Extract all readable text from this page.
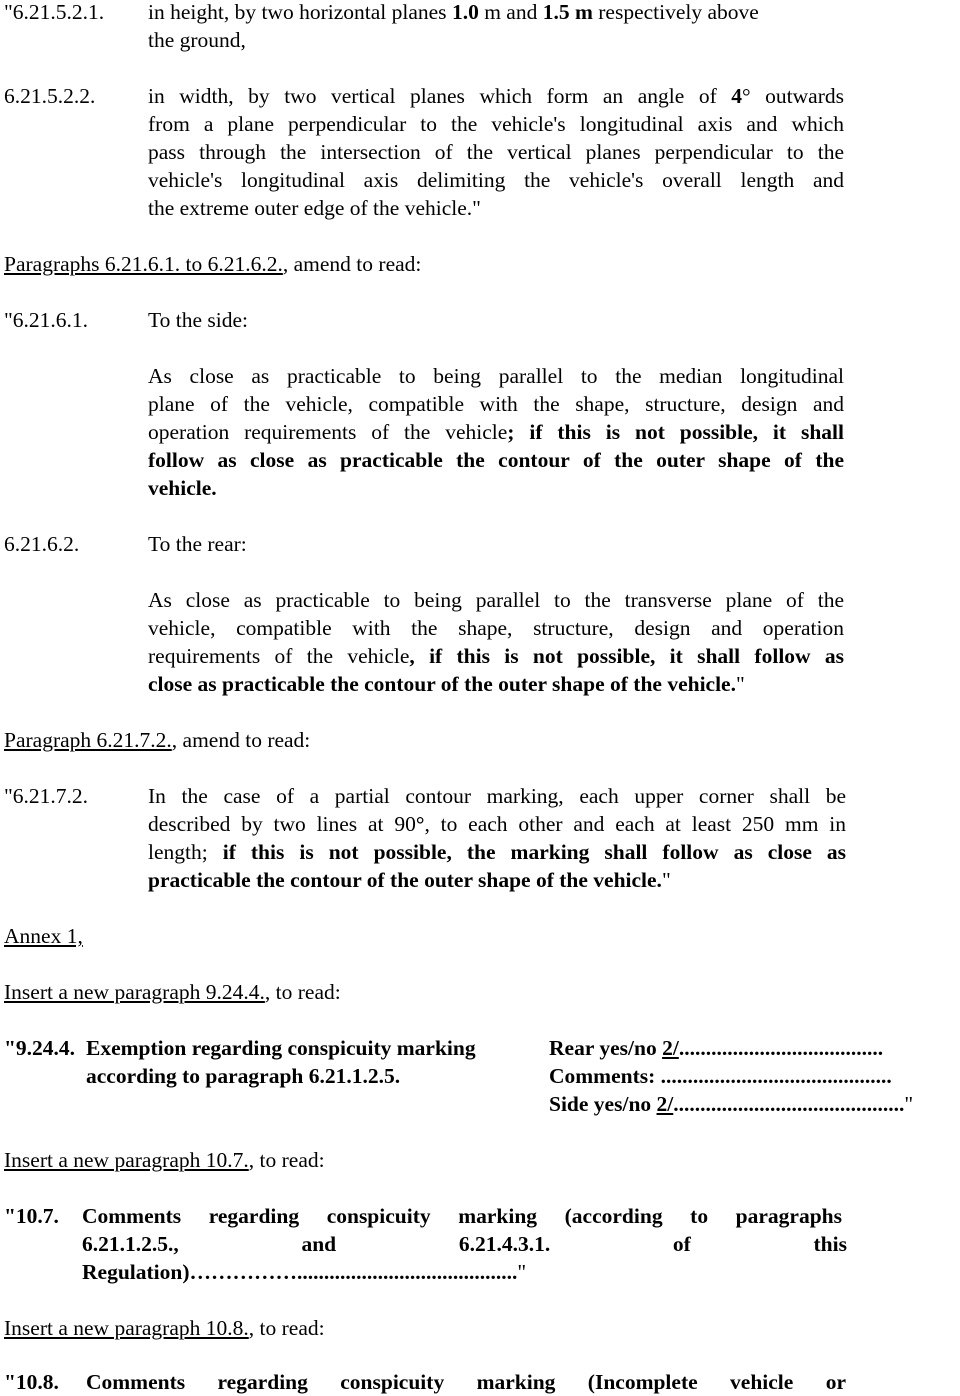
"6.21.5.2.1. in height, by two horizontal planes 1.0 m and 1.5 m respectively above
the ground,
6.21.5.2.2. in width, by two vertical planes which form an angle of 4° outwards
from a plane perpendicular to the vehicle's longitudinal axis and which
pass through the intersection of the vertical planes perpendicular to the
vehicle's longitudinal axis delimiting the vehicle's overall length and
the extreme outer edge of the vehicle."
Paragraphs 6.21.6.1. to 6.21.6.2., amend to read:
"6.21.6.1.	To the side:
As close as practicable to being parallel to the median longitudinal
plane of the vehicle, compatible with the shape, structure, design and
operation requirements of the vehicle; if this is not possible, it shall
follow as close as practicable the contour of the outer shape of the
vehicle.
6.21.6.2.	To the rear:
As close as practicable to being parallel to the transverse plane of the
vehicle, compatible with the shape, structure, design and operation
requirements of the vehicle, if this is not possible, it shall follow as
close as practicable the contour of the outer shape of the vehicle."
Paragraph 6.21.7.2., amend to read:
"6.21.7.2.	In the case of a partial contour marking, each upper corner shall be
described by two lines at 90°, to each other and each at least 250 mm in
length; if this is not possible, the marking shall follow as close as
practicable the contour of the outer shape of the vehicle."
Annex 1,
Insert a new paragraph 9.24.4., to read:
"9.24.4. Exemption regarding conspicuity marking
according to paragraph 6.21.1.2.5.
Rear yes/no 2/......................................
Comments: ...........................................
Side yes/no 2/..........................................."
Insert a new paragraph 10.7., to read:
"10.7. Comments regarding conspicuity marking (according to paragraphs
6.21.1.2.5., and 6.21.4.3.1. of this
Regulation)……………........................................."
Insert a new paragraph 10.8., to read:
"10.8. Comments regarding conspicuity marking (Incomplete vehicle or
